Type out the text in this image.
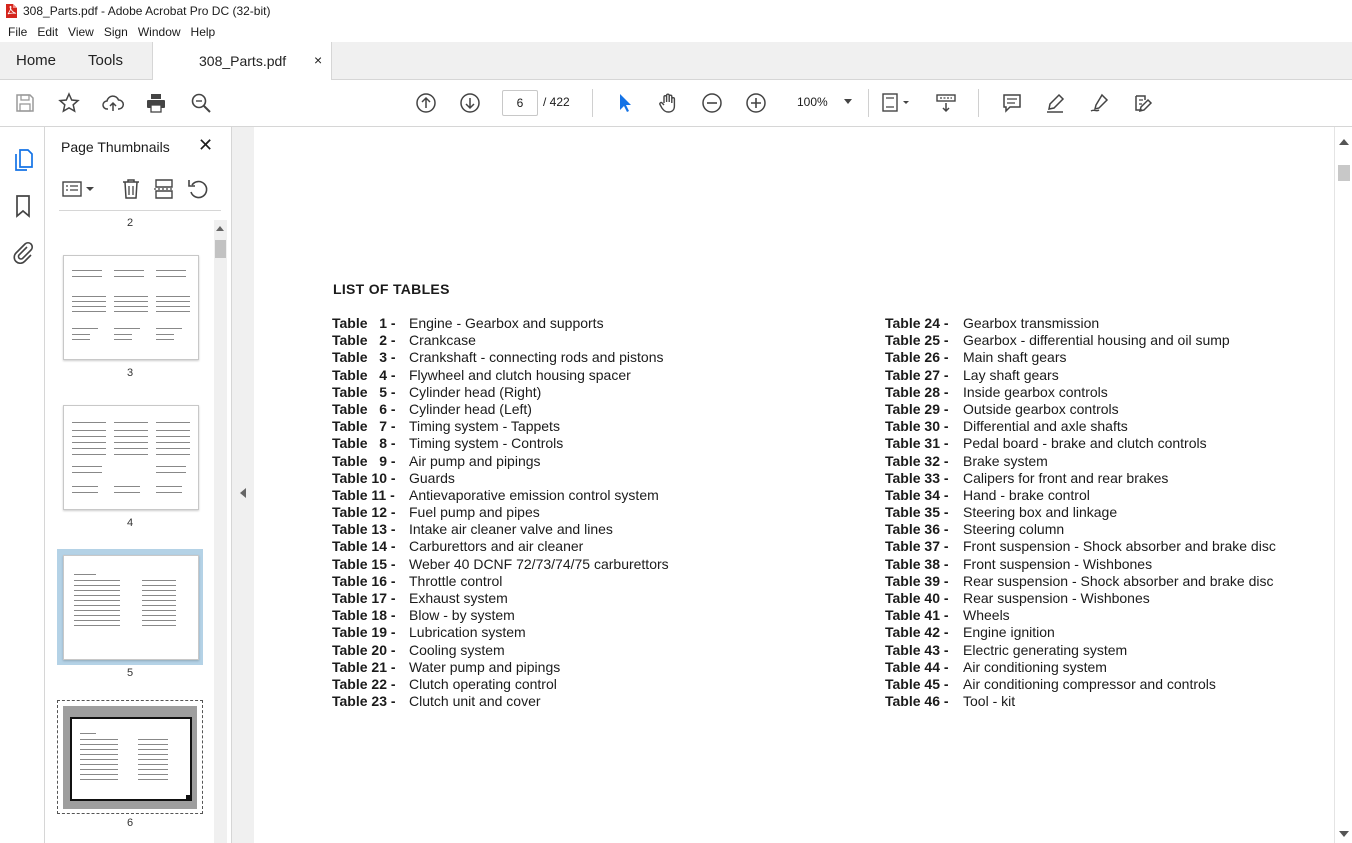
308_Parts.pdf - Adobe Acrobat Pro DC (32-bit)
File Edit View Sign Window Help
Home Tools	308_Parts.pdf ×
6	/ 422	100%
Page Thumbnails ✕
2
3
4
5
6
LIST OF TABLES
Table   1 - Engine - Gearbox and supports
Table   2 - Crankcase
Table   3 - Crankshaft - connecting rods and pistons
Table   4 - Flywheel and clutch housing spacer
Table   5 - Cylinder head (Right)
Table   6 - Cylinder head (Left)
Table   7 - Timing system - Tappets
Table   8 - Timing system - Controls
Table   9 - Air pump and pipings
Table 10 - Guards
Table 11 - Antievaporative emission control system
Table 12 - Fuel pump and pipes
Table 13 - Intake air cleaner valve and lines
Table 14 - Carburettors and air cleaner
Table 15 - Weber 40 DCNF 72/73/74/75 carburettors
Table 16 - Throttle control
Table 17 - Exhaust system
Table 18 - Blow - by system
Table 19 - Lubrication system
Table 20 - Cooling system
Table 21 - Water pump and pipings
Table 22 - Clutch operating control
Table 23 - Clutch unit and cover
Table 24 - Gearbox transmission
Table 25 - Gearbox - differential housing and oil sump
Table 26 - Main shaft gears
Table 27 - Lay shaft gears
Table 28 - Inside gearbox controls
Table 29 - Outside gearbox controls
Table 30 - Differential and axle shafts
Table 31 - Pedal board - brake and clutch controls
Table 32 - Brake system
Table 33 - Calipers for front and rear brakes
Table 34 - Hand - brake control
Table 35 - Steering box and linkage
Table 36 - Steering column
Table 37 - Front suspension - Shock absorber and brake disc
Table 38 - Front suspension - Wishbones
Table 39 - Rear suspension - Shock absorber and brake disc
Table 40 - Rear suspension - Wishbones
Table 41 - Wheels
Table 42 - Engine ignition
Table 43 - Electric generating system
Table 44 - Air conditioning system
Table 45 - Air conditioning compressor and controls
Table 46 - Tool - kit
